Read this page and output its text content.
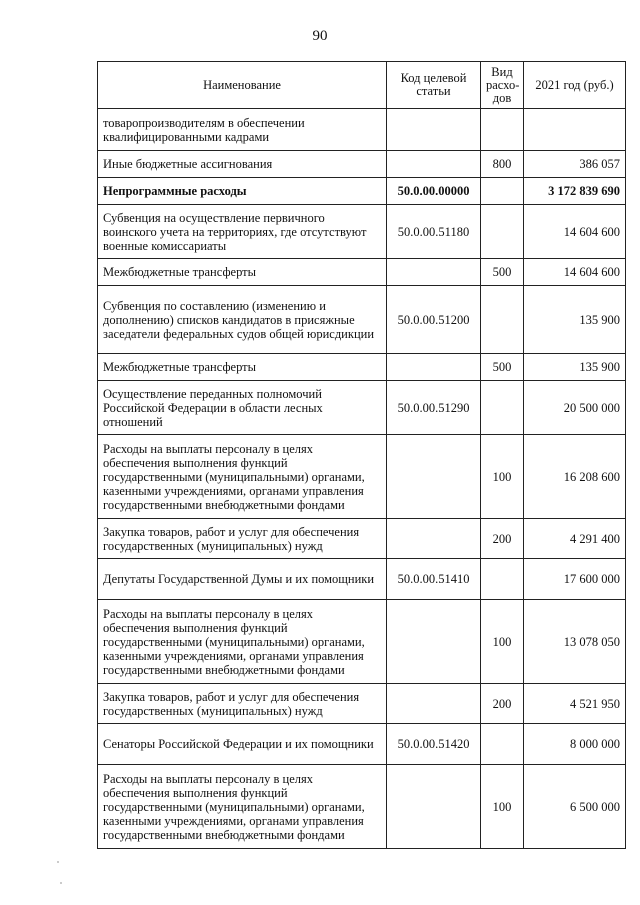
90
Наименование	Код целевой статьи	Вид расхо-дов	2021 год (руб.)
товаропроизводителям в обеспечении квалифицированными кадрами			
Иные бюджетные ассигнования		800	386 057
Непрограммные расходы	50.0.00.00000		3 172 839 690
Субвенция на осуществление первичного воинского учета на территориях, где отсутствуют военные комиссариаты	50.0.00.51180		14 604 600
Межбюджетные трансферты		500	14 604 600
Субвенция по составлению (изменению и дополнению) списков кандидатов в присяжные заседатели федеральных судов общей юрисдикции	50.0.00.51200		135 900
Межбюджетные трансферты		500	135 900
Осуществление переданных полномочий Российской Федерации в области лесных отношений	50.0.00.51290		20 500 000
Расходы на выплаты персоналу в целях обеспечения выполнения функций государственными (муниципальными) органами, казенными учреждениями, органами управления государственными внебюджетными фондами		100	16 208 600
Закупка товаров, работ и услуг для обеспечения государственных (муниципальных) нужд		200	4 291 400
Депутаты Государственной Думы и их помощники	50.0.00.51410		17 600 000
Расходы на выплаты персоналу в целях обеспечения выполнения функций государственными (муниципальными) органами, казенными учреждениями, органами управления государственными внебюджетными фондами		100	13 078 050
Закупка товаров, работ и услуг для обеспечения государственных (муниципальных) нужд		200	4 521 950
Сенаторы Российской Федерации и их помощники	50.0.00.51420		8 000 000
Расходы на выплаты персоналу в целях обеспечения выполнения функций государственными (муниципальными) органами, казенными учреждениями, органами управления государственными внебюджетными фондами		100	6 500 000
